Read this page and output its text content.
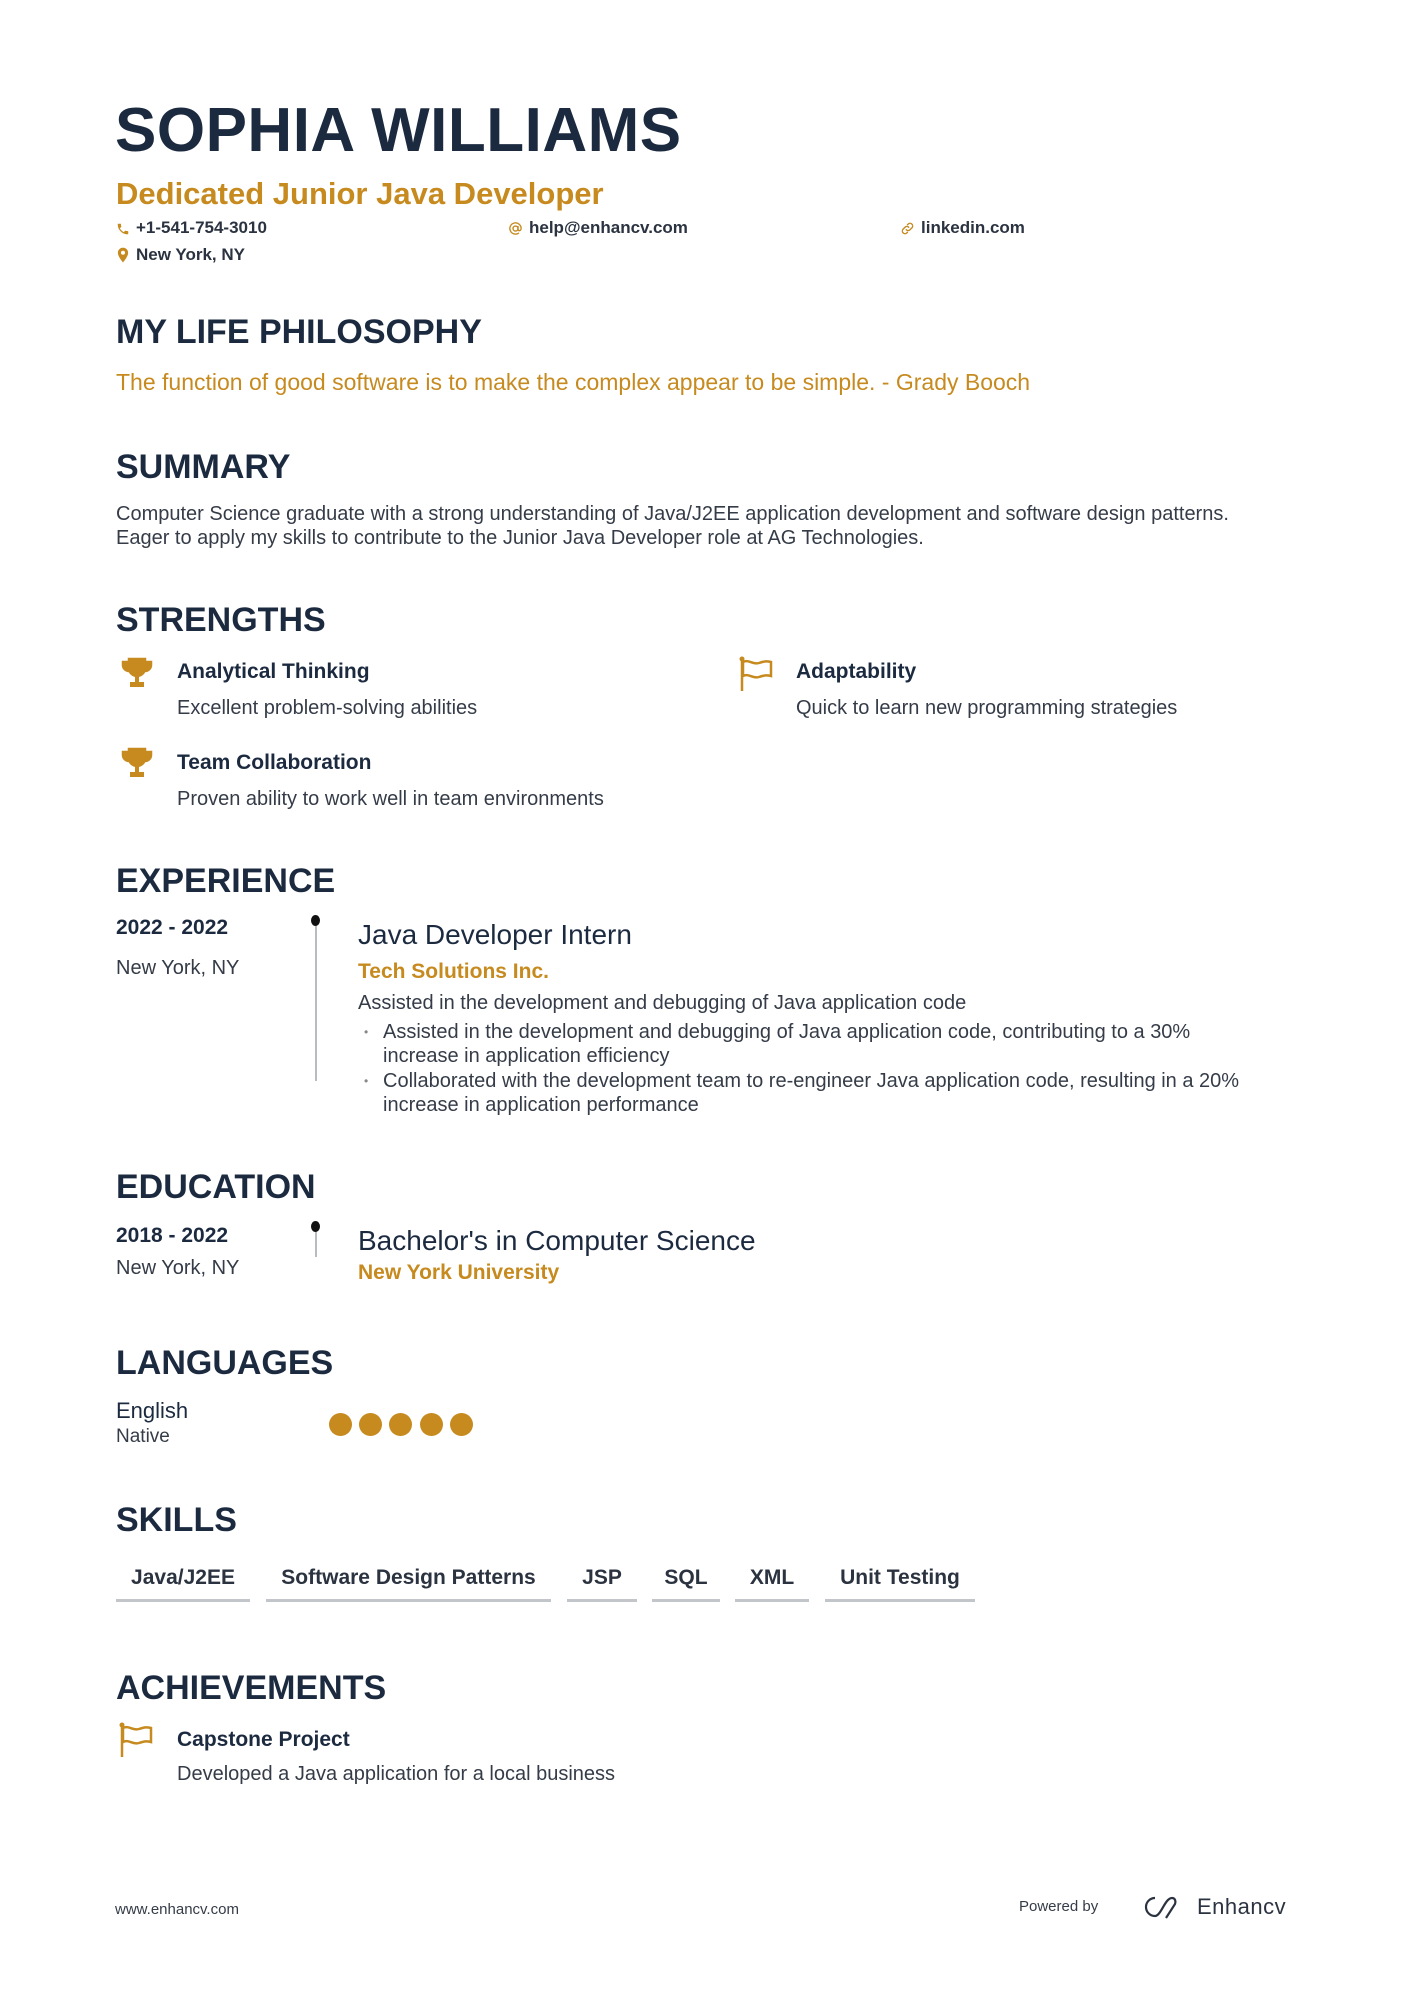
SOPHIA WILLIAMS
Dedicated Junior Java Developer
+1-541-754-3010	help@enhancv.com	linkedin.com
New York, NY
MY LIFE PHILOSOPHY
The function of good software is to make the complex appear to be simple. - Grady Booch
SUMMARY
Computer Science graduate with a strong understanding of Java/J2EE application development and software design patterns.
Eager to apply my skills to contribute to the Junior Java Developer role at AG Technologies.
STRENGTHS
Analytical Thinking
Excellent problem-solving abilities
Adaptability
Quick to learn new programming strategies
Team Collaboration
Proven ability to work well in team environments
EXPERIENCE
2022 - 2022
New York, NY
Java Developer Intern
Tech Solutions Inc.
Assisted in the development and debugging of Java application code
• Assisted in the development and debugging of Java application code, contributing to a 30%
increase in application efficiency
• Collaborated with the development team to re-engineer Java application code, resulting in a 20%
increase in application performance
EDUCATION
2018 - 2022
New York, NY
Bachelor's in Computer Science
New York University
LANGUAGES
English
Native
SKILLS
Java/J2EE	Software Design Patterns	JSP	SQL	XML	Unit Testing
ACHIEVEMENTS
Capstone Project
Developed a Java application for a local business
www.enhancv.com	Powered by	Enhancv
